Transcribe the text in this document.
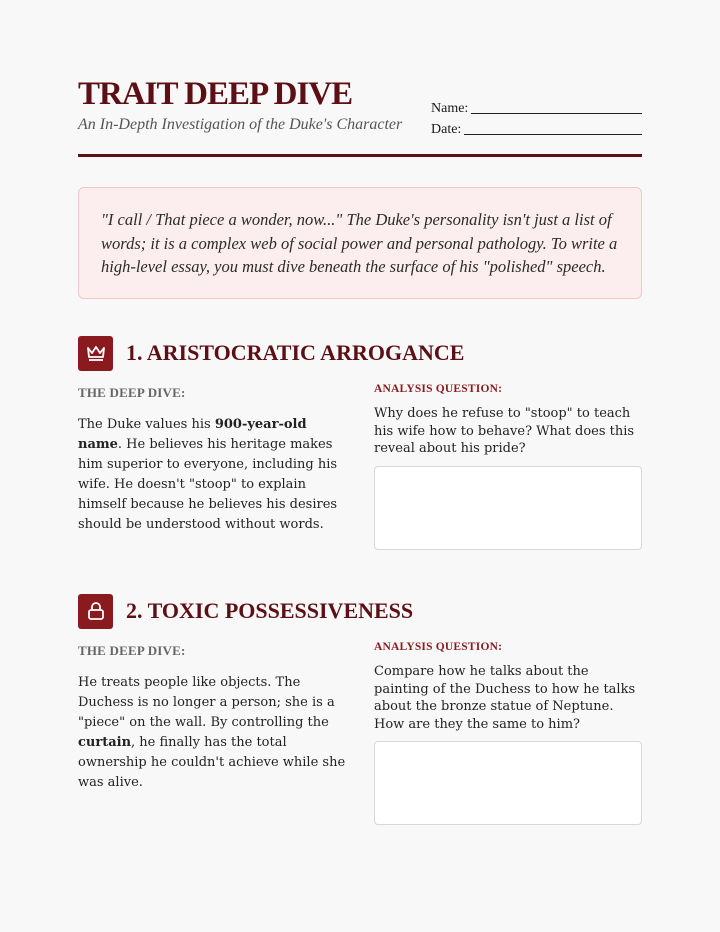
TRAIT DEEP DIVE
An In-Depth Investigation of the Duke's Character
Name:
Date:

"I call / That piece a wonder, now..." The Duke's personality isn't just a list of words; it is a complex web of social power and personal pathology. To write a high-level essay, you must dive beneath the surface of his "polished" speech.

1. ARISTOCRATIC ARROGANCE
THE DEEP DIVE:
The Duke values his 900-year-old name. He believes his heritage makes him superior to everyone, including his wife. He doesn't "stoop" to explain himself because he believes his desires should be understood without words.
ANALYSIS QUESTION:
Why does he refuse to "stoop" to teach his wife how to behave? What does this reveal about his pride?
2. TOXIC POSSESSIVENESS
THE DEEP DIVE:
He treats people like objects. The Duchess is no longer a person; she is a "piece" on the wall. By controlling the curtain, he finally has the total ownership he couldn't achieve while she was alive.
ANALYSIS QUESTION:
Compare how he talks about the painting of the Duchess to how he talks about the bronze statue of Neptune. How are they the same to him?
